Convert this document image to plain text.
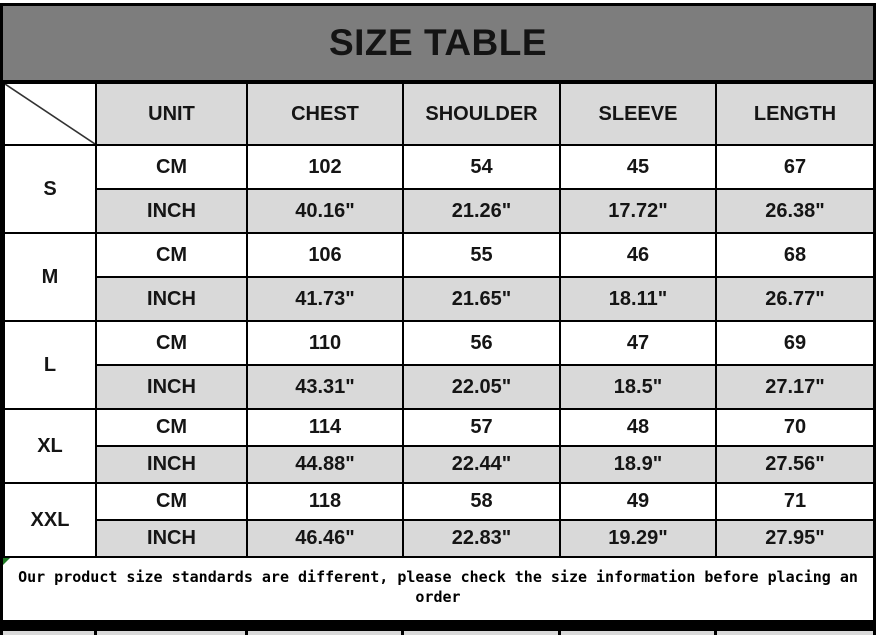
SIZE TABLE
	UNIT	CHEST	SHOULDER	SLEEVE	LENGTH
S	CM	102	54	45	67
	INCH	40.16"	21.26"	17.72"	26.38"
M	CM	106	55	46	68
	INCH	41.73"	21.65"	18.11"	26.77"
L	CM	110	56	47	69
	INCH	43.31"	22.05"	18.5"	27.17"
XL	CM	114	57	48	70
	INCH	44.88"	22.44"	18.9"	27.56"
XXL	CM	118	58	49	71
	INCH	46.46"	22.83"	19.29"	27.95"
Our product size standards are different, please check the size information before placing an order
